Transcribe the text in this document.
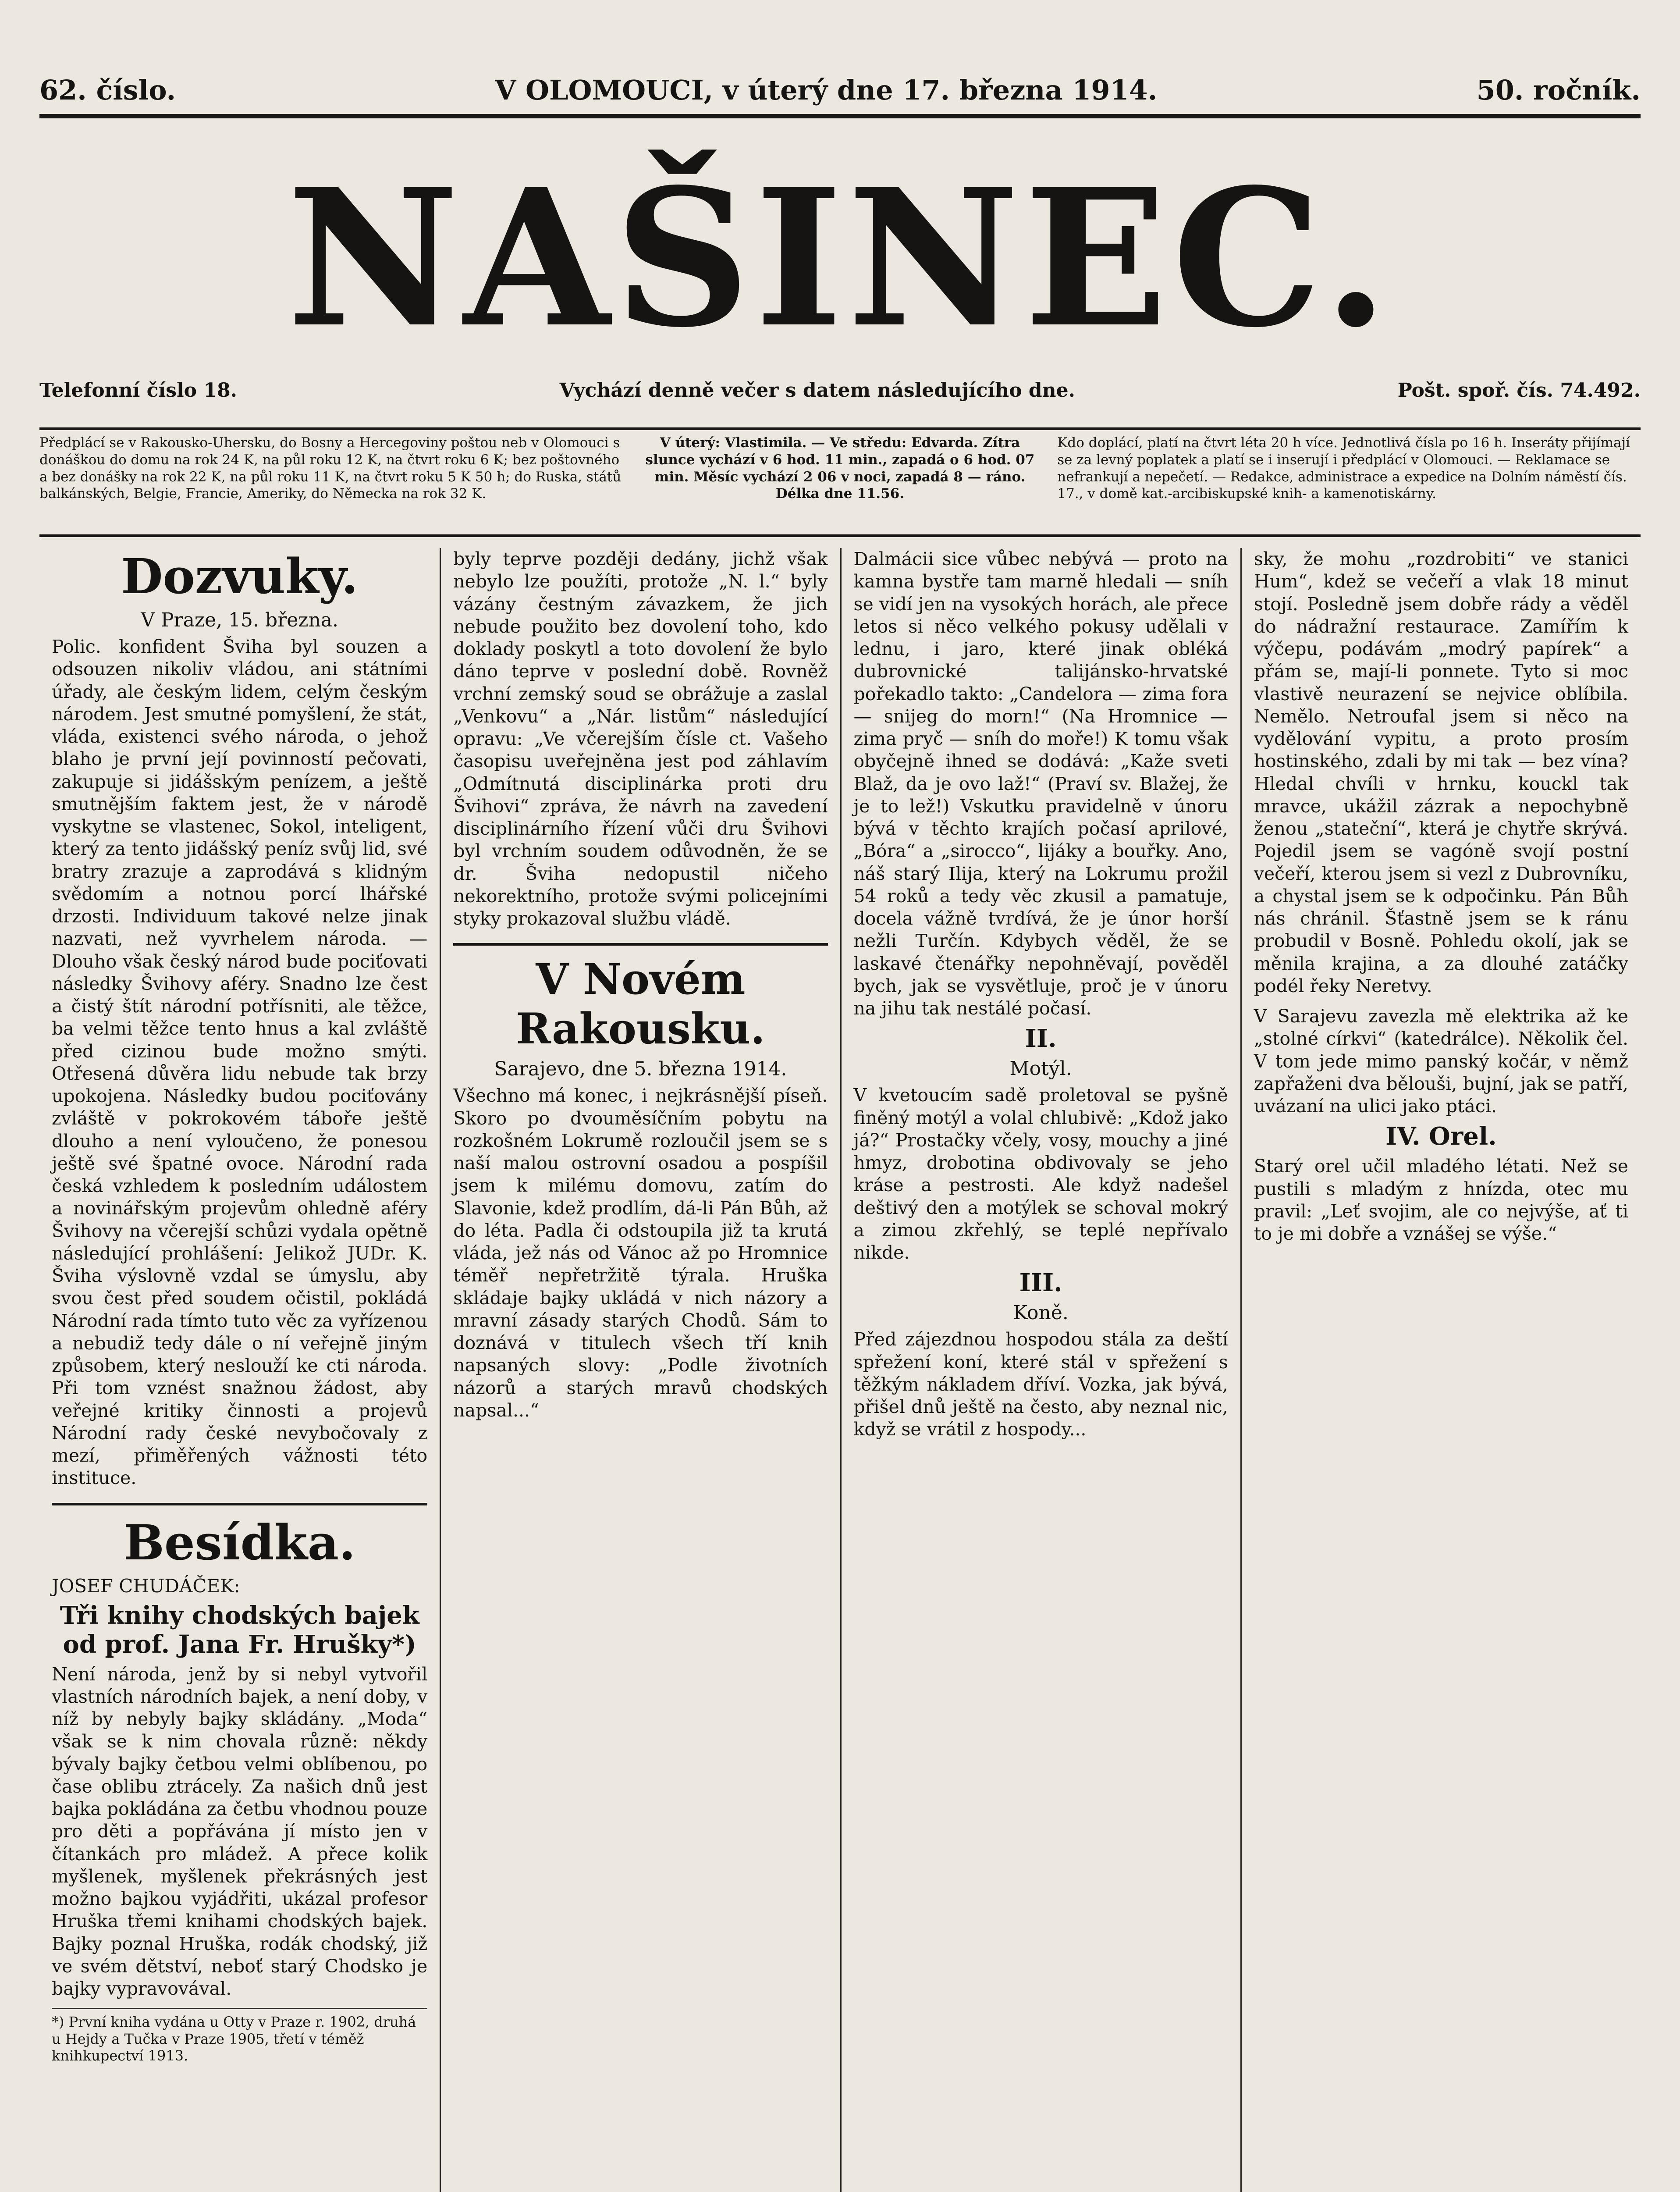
62. číslo.	V OLOMOUCI, v úterý dne 17. března 1914.	50. ročník.
NAŠINEC.
Telefonní číslo 18.	Vychází denně večer s datem následujícího dne.	Pošt. spoř. čís. 74.492.
Předplácí se v Rakousko-Uhersku, do Bosny a Hercegoviny poštou neb v Olomouci s donáškou do domu na rok 24 K, na půl roku 12 K, na čtvrt roku 6 K; bez poštovného a bez donášky na rok 22 K, na půl roku 11 K, na čtvrt roku 5 K 50 h; do Ruska, států balkánských, Belgie, Francie, Ameriky, do Německa na rok 32 K.
V úterý: Vlastimila. — Ve středu: Edvarda. Zítra slunce vychází v 6 hod. 11 min., zapadá o 6 hod. 07 min. Měsíc vychází 2 06 v noci, zapadá 8 — ráno. Délka dne 11.56.
Kdo doplácí, platí na čtvrt léta 20 h více. Jednotlivá čísla po 16 h. Inseráty přijímají se za levný poplatek a platí se i inserují i předplácí v Olomouci. — Reklamace se nefrankují a nepečetí. — Redakce, administrace a expedice na Dolním náměstí čís. 17., v domě kat.-arcibiskupské knih- a kamenotiskárny.
Dozvuky.
V Praze, 15. března.

Polic. konfident Šviha byl souzen a odsouzen nikoliv vládou, ani státními úřady, ale českým lidem, celým českým národem. Jest smutné pomyšlení, že stát, vláda, existenci svého národa, o jehož blaho je první její povinností pečovati, zakupuje si jidášským penízem, a ještě smutnějším faktem jest, že v národě vyskytne se vlastenec, Sokol, inteligent, který za tento jidášský peníz svůj lid, své bratry zrazuje a zaprodává s klidným svědomím a notnou porcí lhářské drzosti. Individuum takové nelze jinak nazvati, než vyvrhelem národa. — Dlouho však český národ bude pociťovati následky Švihovy aféry. Snadno lze čest a čistý štít národní potřísniti, ale těžce, ba velmi těžce tento hnus a kal zvláště před cizinou bude možno smýti. Otřesená důvěra lidu nebude tak brzy upokojena. Následky budou pociťovány zvláště v pokrokovém táboře ještě dlouho a není vyloučeno, že ponesou ještě své špatné ovoce. Národní rada česká vzhledem k posledním událostem a novinářským projevům ohledně aféry Švihovy na včerejší schůzi vydala opětně následující prohlášení: Jelikož JUDr. K. Šviha výslovně vzdal se úmyslu, aby svou čest před soudem očistil, pokládá Národní rada tímto tuto věc za vyřízenou a nebudiž tedy dále o ní veřejně jiným způsobem, který neslouží ke cti národa. Při tom vznést snažnou žádost, aby veřejné kritiky činnosti a projevů Národní rady české nevybočovaly z mezí, přiměřených vážnosti této instituce.

Besídka.
JOSEF CHUDÁČEK:
Tři knihy chodských bajek od prof. Jana Fr. Hrušky*)

Není národa, jenž by si nebyl vytvořil vlastních národních bajek, a není doby, v níž by nebyly bajky skládány. „Moda“ však se k nim chovala různě: někdy bývaly bajky četbou velmi oblíbenou, po čase oblibu ztrácely. Za našich dnů jest bajka pokládána za četbu vhodnou pouze pro děti a popřávána jí místo jen v čítankách pro mládež. A přece kolik myšlenek, myšlenek překrásných jest možno bajkou vyjádřiti, ukázal profesor Hruška třemi knihami chodských bajek. Bajky poznal Hruška, rodák chodský, již ve svém dětství, neboť starý Chodsko je bajky vypravovával.

*) První kniha vydána u Otty v Praze r. 1902, druhá u Hejdy a Tučka v Praze 1905, třetí v téměž knihkupectví 1913.

byly teprve později dedány, jichž však nebylo lze použíti, protože „N. l.“ byly vázány čestným závazkem, že jich nebude použito bez dovolení toho, kdo doklady poskytl a toto dovolení že bylo dáno teprve v poslední době. Rovněž vrchní zemský soud se obrážuje a zaslal „Venkovu“ a „Nár. listům“ následující opravu: „Ve včerejším čísle ct. Vašeho časopisu uveřejněna jest pod záhlavím „Odmítnutá disciplinárka proti dru Švihovi“ zpráva, že návrh na zavedení disciplinárního řízení vůči dru Švihovi byl vrchním soudem odůvodněn, že se dr. Šviha nedopustil ničeho nekorektního, protože svými policejními styky prokazoval službu vládě.

V Novém Rakousku.
Sarajevo, dne 5. března 1914.

Všechno má konec, i nejkrásnější píseň. Skoro po dvouměsíčním pobytu na rozkošném Lokrumě rozloučil jsem se s naší malou ostrovní osadou a pospíšil jsem k milému domovu, zatím do Slavonie, kdež prodlím, dá-li Pán Bůh, až do léta. Padla či odstoupila již ta krutá vláda, jež nás od Vánoc až po Hromnice téměř nepřetržitě týrala. Hruška skládaje bajky ukládá v nich názory a mravní zásady starých Chodů. Sám to doznává v titulech všech tří knih napsaných slovy: „Podle životních názorů a starých mravů chodských napsal...“

Dalmácii sice vůbec nebývá — proto na kamna bystře tam marně hledali — sníh se vidí jen na vysokých horách, ale přece letos si něco velkého pokusy udělali v lednu, i jaro, které jinak obléká dubrovnické talijánsko-hrvatské pořekadlo takto: „Candelora — zima fora — snijeg do morn!“ (Na Hromnice — zima pryč — sníh do moře!) K tomu však obyčejně ihned se dodává: „Kaže sveti Blaž, da je ovo laž!“ (Praví sv. Blažej, že je to lež!) Vskutku pravidelně v únoru bývá v těchto krajích počasí aprilové, „Bóra“ a „sirocco“, lijáky a bouřky. Ano, náš starý Ilija, který na Lokrumu prožil 54 roků a tedy věc zkusil a pamatuje, docela vážně tvrdívá, že je únor horší nežli Turčín. Kdybych věděl, že se laskavé čtenářky nepohněvají, pověděl bych, jak se vysvětluje, proč je v únoru na jihu tak nestálé počasí.

II.
Motýl.

V kvetoucím sadě proletoval se pyšně finěný motýl a volal chlubivě: „Kdož jako já?“ Prostačky včely, vosy, mouchy a jiné hmyz, drobotina obdivovaly se jeho kráse a pestrosti. Ale když nadešel deštivý den a motýlek se schoval mokrý a zimou zkřehlý, se teplé nepřívalo nikde.

III.
Koně.

Před zájezdnou hospodou stála za deští spřežení koní, které stál v spřežení s těžkým nákladem dříví. Vozka, jak bývá, přišel dnů ještě na često, aby neznal nic, když se vrátil z hospody...

sky, že mohu „rozdrobiti“ ve stanici Hum“, kdež se večeří a vlak 18 minut stojí. Posledně jsem dobře rády a věděl do nádražní restaurace. Zamířím k výčepu, podávám „modrý papírek“ a přám se, mají-li ponnete. Tyto si moc vlastivě neurazení se nejvice oblíbila. Nemělo. Netroufal jsem si něco na vydělování vypitu, a proto prosím hostinského, zdali by mi tak — bez vína? Hledal chvíli v hrnku, kouckl tak mravce, ukážil zázrak a nepochybně ženou „stateční“, která je chytře skrývá. Pojedil jsem se vagóně svojí postní večeří, kterou jsem si vezl z Dubrovníku, a chystal jsem se k odpočinku. Pán Bůh nás chránil. Šťastně jsem se k ránu probudil v Bosně. Pohledu okolí, jak se měnila krajina, a za dlouhé zatáčky podél řeky Neretvy.

V Sarajevu zavezla mě elektrika až ke „stolné církvi“ (katedrálce). Několik čel. V tom jede mimo panský kočár, v němž zapřaženi dva bělouši, bujní, jak se patří, uvázaní na ulici jako ptáci.

IV. Orel.

Starý orel učil mladého létati. Než se pustili s mladým z hnízda, otec mu pravil: „Leť svojim, ale co nejvýše, ať ti to je mi dobře a vznášej se výše.“
